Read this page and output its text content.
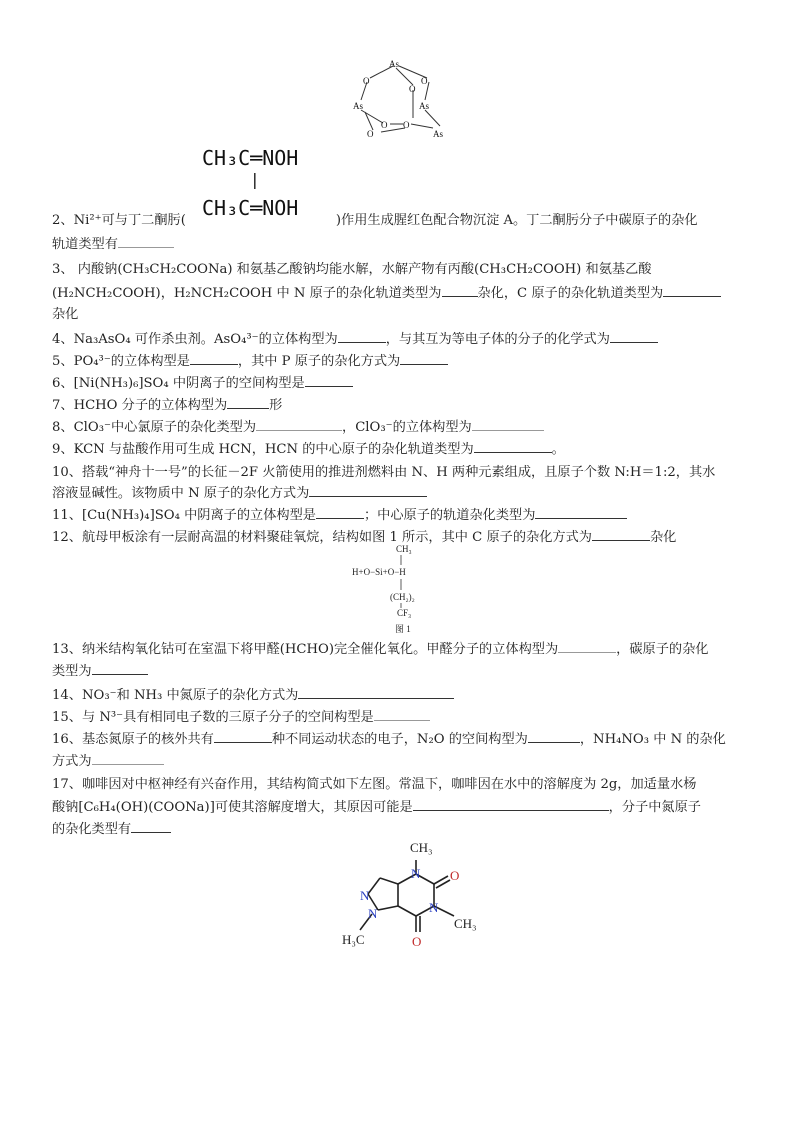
As
O	O
O
As	As
O O
O	As
CH₃C═NOH
|
CH₃C═NOH
2、Ni²⁺可与丁二酮肟(	)作用生成腥红色配合物沉淀 A。丁二酮肟分子中碳原子的杂化
轨道类型有
3、 内酸钠(CH₃CH₂COONa) 和氨基乙酸钠均能水解，水解产物有丙酸(CH₃CH₂COOH) 和氨基乙酸
(H₂NCH₂COOH)，H₂NCH₂COOH 中 N 原子的杂化轨道类型为	杂化，C 原子的杂化轨道类型为
杂化
4、Na₃AsO₄ 可作杀虫剂。AsO₄³⁻的立体构型为	，与其互为等电子体的分子的化学式为
5、PO₄³⁻的立体构型是	，其中 P 原子的杂化方式为
6、[Ni(NH₃)₆]SO₄ 中阴离子的空间构型是
7、HCHO 分子的立体构型为	形
8、ClO₃⁻中心氯原子的杂化类型为	，ClO₃⁻的立体构型为
9、KCN 与盐酸作用可生成 HCN，HCN 的中心原子的杂化轨道类型为	。
10、搭载“神舟十一号”的长征－2F 火箭使用的推进剂燃料由 N、H 两种元素组成，且原子个数 N:H＝1:2，其水
溶液显碱性。该物质中 N 原子的杂化方式为
11、[Cu(NH₃)₄]SO₄ 中阴离子的立体构型是	；中心原子的轨道杂化类型为
12、航母甲板涂有一层耐高温的材料聚硅氧烷，结构如图 1 所示，其中 C 原子的杂化方式为	杂化
CH₃
H+O−Si+O−H
(CH₂)₂
CF₃
图 1
13、纳米结构氧化钴可在室温下将甲醛(HCHO)完全催化氧化。甲醛分子的立体构型为	，碳原子的杂化
类型为
14、NO₃⁻和 NH₃ 中氮原子的杂化方式为
15、与 N³⁻具有相同电子数的三原子分子的空间构型是
16、基态氮原子的核外共有	种不同运动状态的电子，N₂O 的空间构型为	，NH₄NO₃ 中 N 的杂化
方式为
17、咖啡因对中枢神经有兴奋作用，其结构简式如下左图。常温下，咖啡因在水中的溶解度为 2g，加适量水杨
酸钠[C₆H₄(OH)(COONa)]可使其溶解度增大，其原因可能是	，分子中氮原子
的杂化类型有
CH₃
CH₃
H₃C
N
N
N
N
O
O
